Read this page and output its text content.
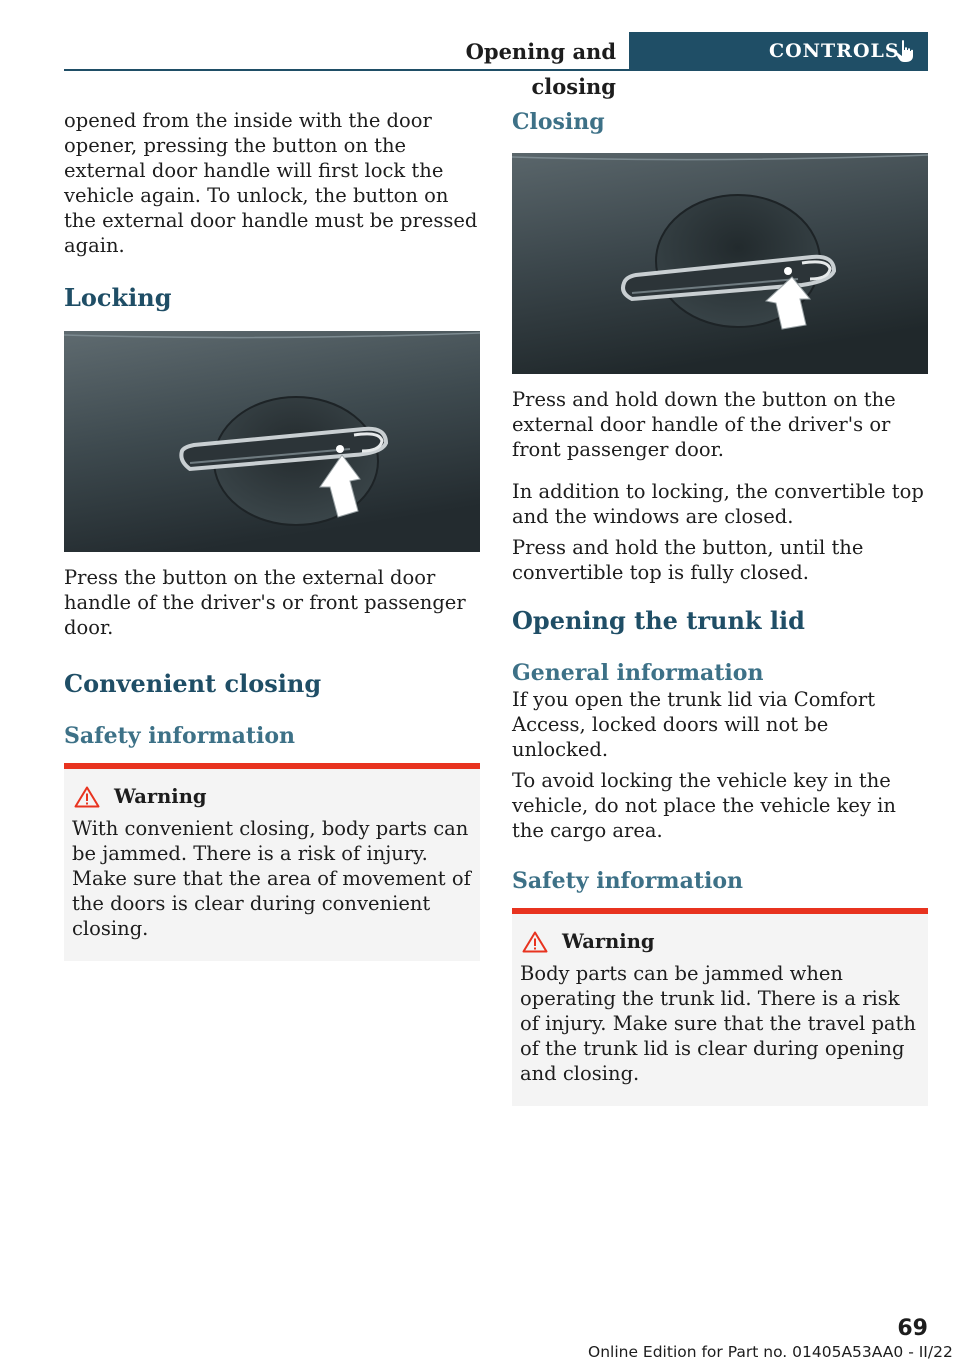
Opening and closing
CONTROLS

opened from the inside with the door opener, pressing the button on the external door handle will first lock the vehicle again. To unlock, the button on the external door handle must be pressed again.

Locking

Press the button on the external door handle of the driver's or front passenger door.

Convenient closing
Safety information
Warning

With convenient closing, body parts can be jammed. There is a risk of injury. Make sure that the area of movement of the doors is clear during convenient closing.

Closing

Press and hold down the button on the external door handle of the driver's or front passenger door.

In addition to locking, the convertible top and the windows are closed.

Press and hold the button, until the convertible top is fully closed.

Opening the trunk lid
General information

If you open the trunk lid via Comfort Access, locked doors will not be unlocked.

To avoid locking the vehicle key in the vehicle, do not place the vehicle key in the cargo area.

Safety information
Warning

Body parts can be jammed when operating the trunk lid. There is a risk of injury. Make sure that the travel path of the trunk lid is clear during opening and closing.

69
Online Edition for Part no. 01405A53AA0 - II/22
